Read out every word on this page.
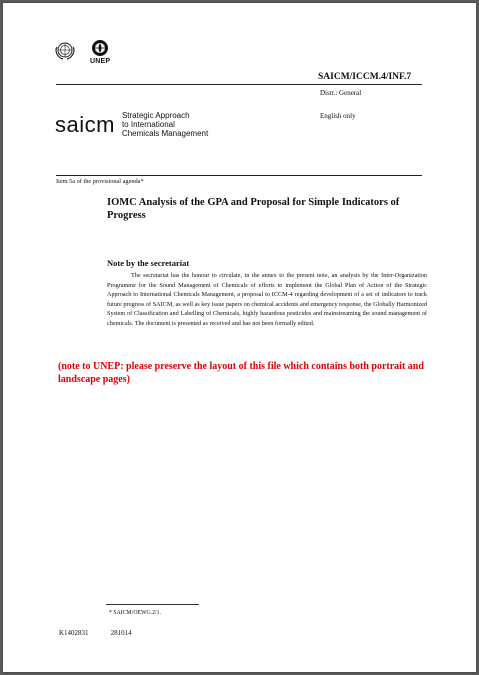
UNEP
SAICM/ICCM.4/INF.7
Distr.: General
English only
saicm Strategic Approach
to International
Chemicals Management
Item 5a of the provisional agenda*
IOMC Analysis of the GPA and Proposal for Simple Indicators of Progress
Note by the secretariat
The secretariat has the honour to circulate, in the annex to the present note, an analysis by the Inter-Organization Programme for the Sound Management of Chemicals of efforts to implement the Global Plan of Action of the Strategic Approach to International Chemicals Management, a proposal to ICCM-4 regarding development of a set of indicators to track future progress of SAICM, as well as key issue papers on chemical accidents and emergency response, the Globally Harmonized System of Classification and Labelling of Chemicals, highly hazardous pesticides and mainstreaming the sound management of chemicals. The document is presented as received and has not been formally edited.
(note to UNEP: please preserve the layout of this file which contains both portrait and landscape pages)
* SAICM/OEWG.2/1.
K1402831	281014
